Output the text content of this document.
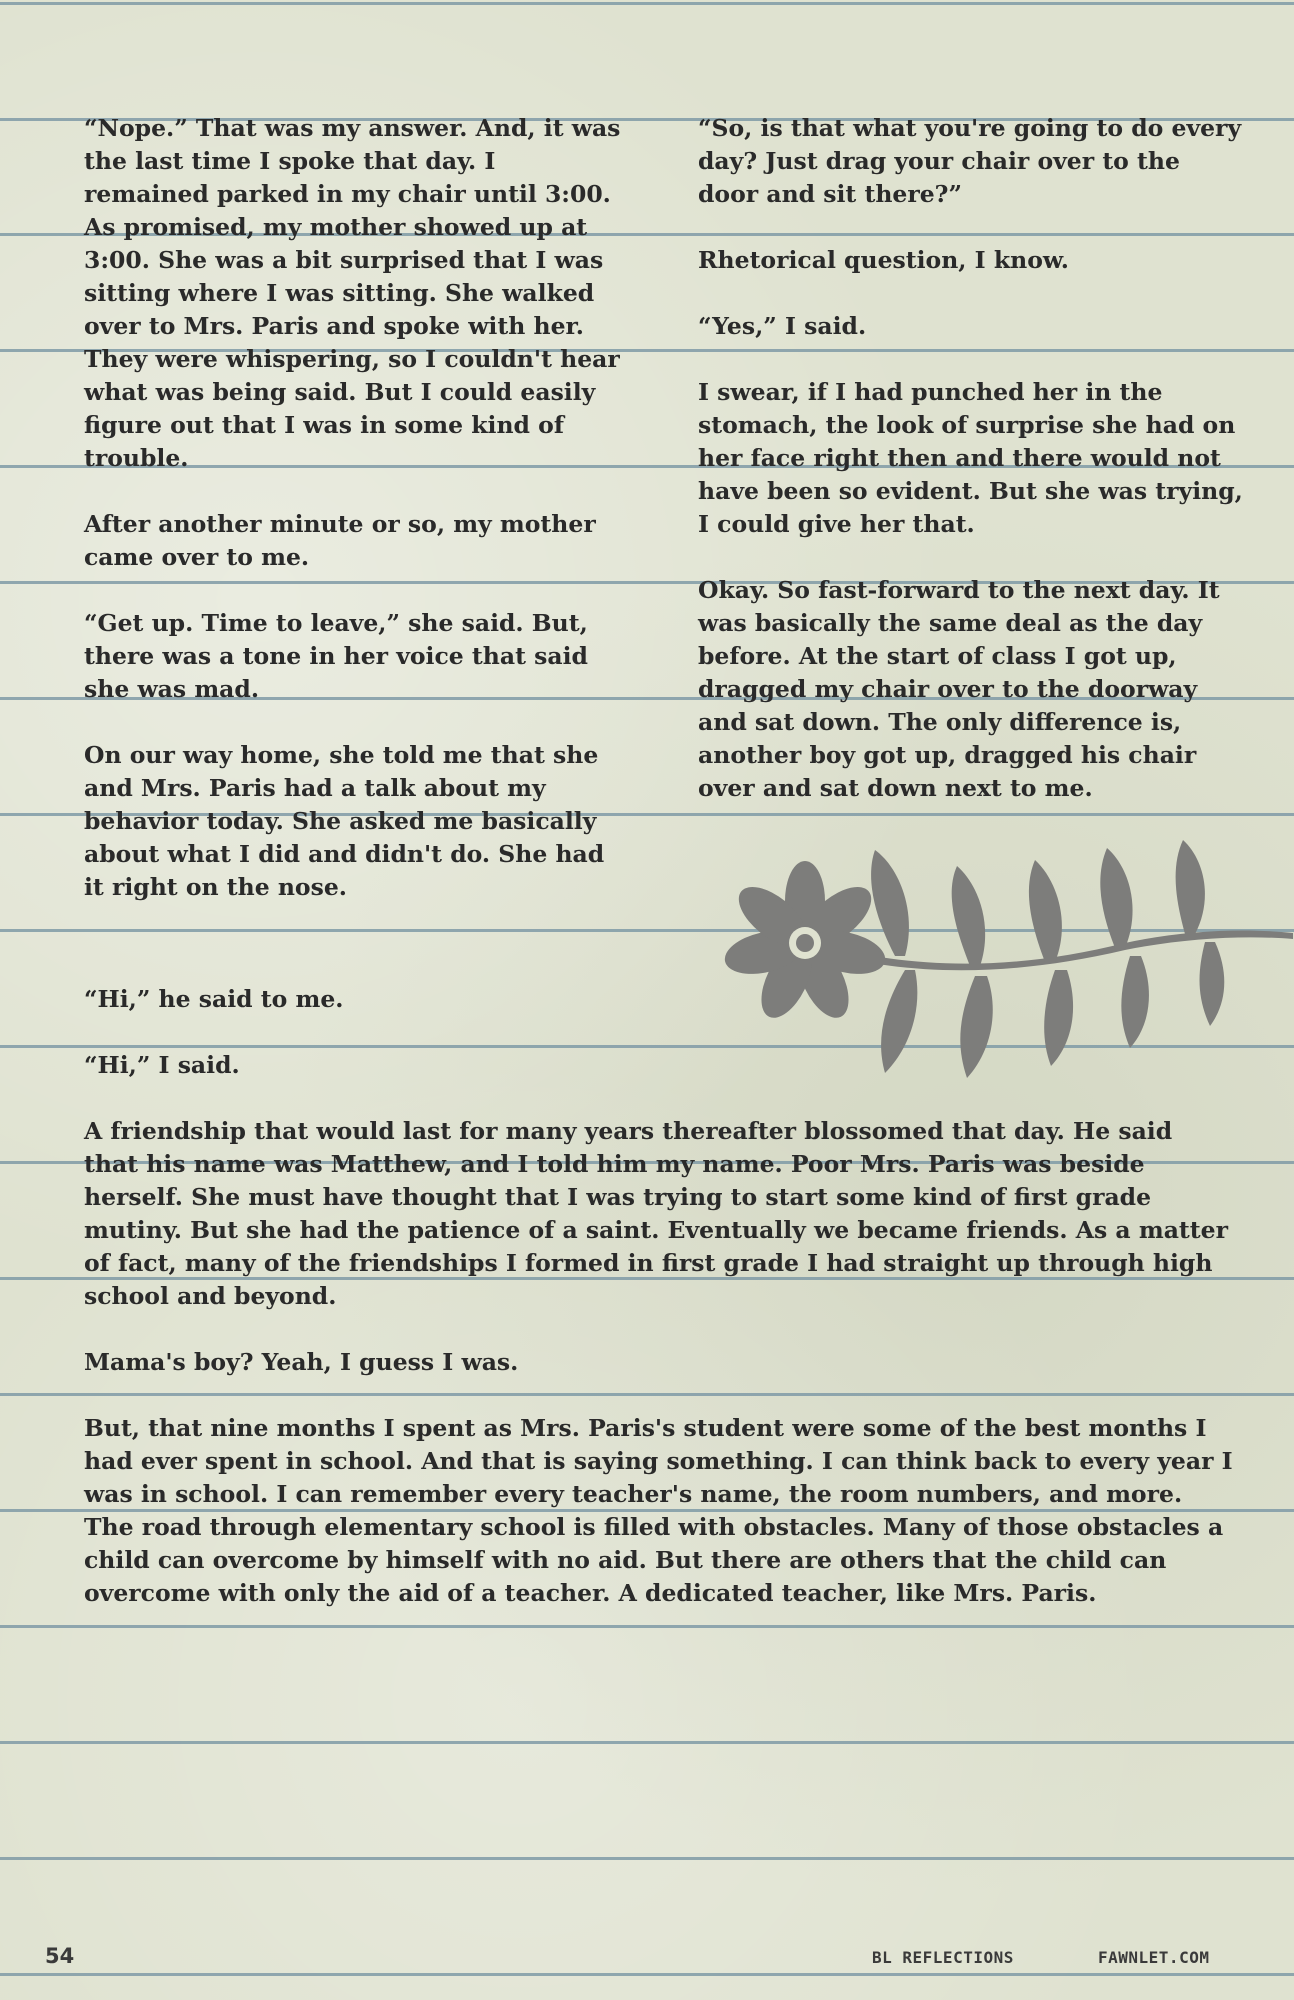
“Nope.” That was my answer. And, it was the last time I spoke that day. I remained parked in my chair until 3:00. As promised, my mother showed up at 3:00. She was a bit surprised that I was sitting where I was sitting. She walked over to Mrs. Paris and spoke with her. They were whispering, so I couldn't hear what was being said. But I could easily figure out that I was in some kind of trouble.

After another minute or so, my mother came over to me.

“Get up. Time to leave,” she said. But, there was a tone in her voice that said she was mad.

On our way home, she told me that she and Mrs. Paris had a talk about my behavior today. She asked me basically about what I did and didn't do. She had it right on the nose.

“So, is that what you're going to do every day? Just drag your chair over to the door and sit there?”

Rhetorical question, I know.

“Yes,” I said.

I swear, if I had punched her in the stomach, the look of surprise she had on her face right then and there would not have been so evident. But she was trying, I could give her that.

Okay. So fast-forward to the next day. It was basically the same deal as the day before. At the start of class I got up, dragged my chair over to the doorway and sat down. The only difference is, another boy got up, dragged his chair over and sat down next to me.

“Hi,” he said to me.

“Hi,” I said.

A friendship that would last for many years thereafter blossomed that day. He said that his name was Matthew, and I told him my name. Poor Mrs. Paris was beside herself. She must have thought that I was trying to start some kind of first grade mutiny. But she had the patience of a saint. Eventually we became friends. As a matter of fact, many of the friendships I formed in first grade I had straight up through high school and beyond.

Mama's boy? Yeah, I guess I was.

But, that nine months I spent as Mrs. Paris's student were some of the best months I had ever spent in school. And that is saying something. I can think back to every year I was in school. I can remember every teacher's name, the room numbers, and more. The road through elementary school is filled with obstacles. Many of those obstacles a child can overcome by himself with no aid. But there are others that the child can overcome with only the aid of a teacher. A dedicated teacher, like Mrs. Paris.

54	BL REFLECTIONS	FAWNLET.COM
